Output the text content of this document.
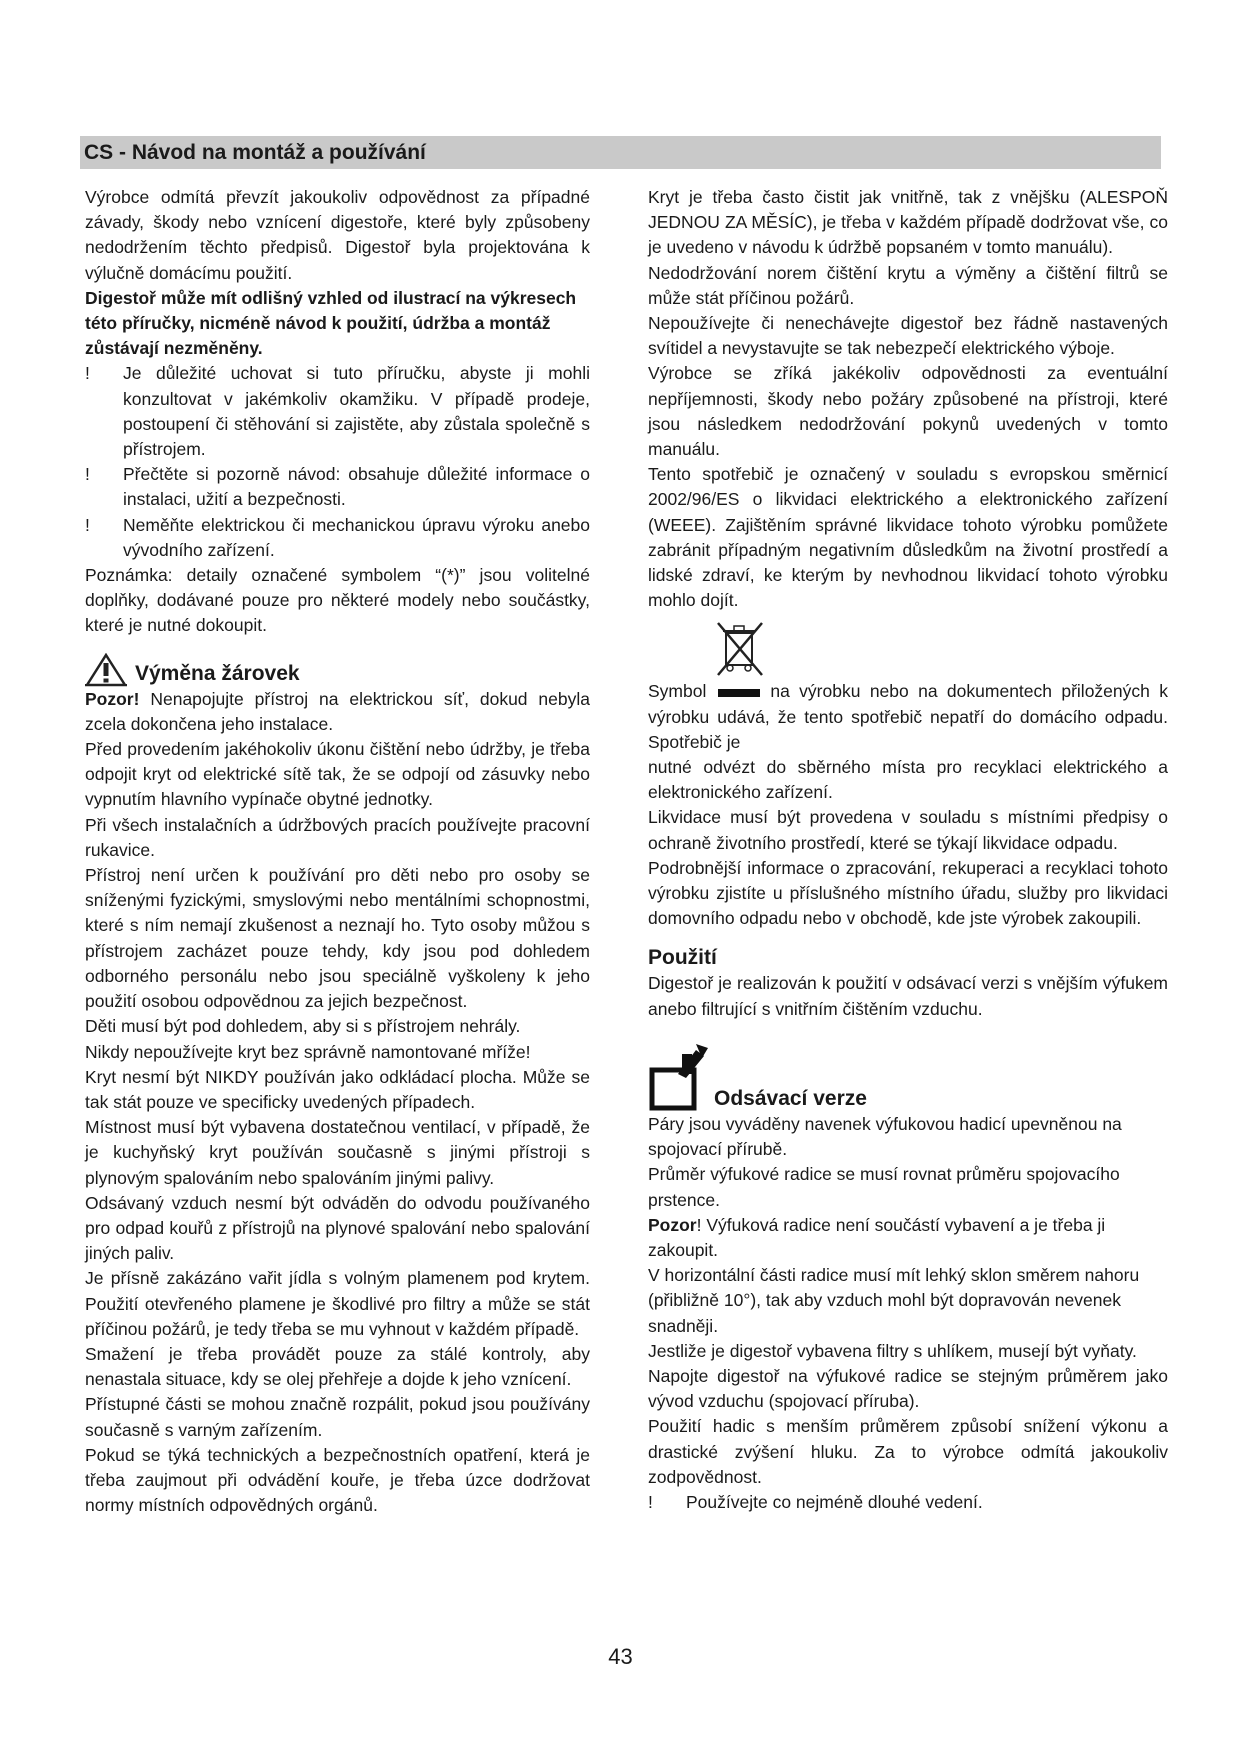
CS - Návod na montáž a používání

Výrobce odmítá převzít jakoukoliv odpovědnost za případné závady, škody nebo vznícení digestoře, které byly způsobeny nedodržením těchto předpisů. Digestoř byla projektována k výlučně domácímu použití.

Digestoř může mít odlišný vzhled od ilustrací na výkresech této příručky, nicméně návod k použití, údržba a montáž zůstávají nezměněny.

!	Je důležité uchovat si tuto příručku, abyste ji mohli konzultovat v jakémkoliv okamžiku. V případě prodeje, postoupení či stěhování si zajistěte, aby zůstala společně s přístrojem.
!	Přečtěte si pozorně návod: obsahuje důležité informace o instalaci, užití a bezpečnosti.
!	Neměňte elektrickou či mechanickou úpravu výroku anebo vývodního zařízení.

Poznámka: detaily označené symbolem “(*)” jsou volitelné doplňky, dodávané pouze pro některé modely nebo součástky, které je nutné dokoupit.

Výměna žárovek

Pozor! Nenapojujte přístroj na elektrickou síť, dokud nebyla zcela dokončena jeho instalace.

Před provedením jakéhokoliv úkonu čištění nebo údržby, je třeba odpojit kryt od elektrické sítě tak, že se odpojí od zásuvky nebo vypnutím hlavního vypínače obytné jednotky.

Při všech instalačních a údržbových pracích používejte pracovní rukavice.

Přístroj není určen k používání pro děti nebo pro osoby se sníženými fyzickými, smyslovými nebo mentálními schopnostmi, které s ním nemají zkušenost a neznají ho. Tyto osoby můžou s přístrojem zacházet pouze tehdy, kdy jsou pod dohledem odborného personálu nebo jsou speciálně vyškoleny k jeho použití osobou odpovědnou za jejich bezpečnost.

Děti musí být pod dohledem, aby si s přístrojem nehrály.

Nikdy nepoužívejte kryt bez správně namontované mříže!

Kryt nesmí být NIKDY používán jako odkládací plocha. Může se tak stát pouze ve specificky uvedených případech.

Místnost musí být vybavena dostatečnou ventilací, v případě, že je kuchyňský kryt používán současně s jinými přístroji s plynovým spalováním nebo spalováním jinými palivy.

Odsávaný vzduch nesmí být odváděn do odvodu používaného pro odpad kouřů z přístrojů na plynové spalování nebo spalování jiných paliv.

Je přísně zakázáno vařit jídla s volným plamenem pod krytem. Použití otevřeného plamene je škodlivé pro filtry a může se stát příčinou požárů, je tedy třeba se mu vyhnout v každém případě.

Smažení je třeba provádět pouze za stálé kontroly, aby nenastala situace, kdy se olej přehřeje a dojde k jeho vznícení.

Přístupné části se mohou značně rozpálit, pokud jsou používány současně s varným zařízením.

Pokud se týká technických a bezpečnostních opatření, která je třeba zaujmout při odvádění kouře, je třeba úzce dodržovat normy místních odpovědných orgánů.

Kryt je třeba často čistit jak vnitřně, tak z vnějšku (ALESPOŇ JEDNOU ZA MĚSÍC), je třeba v každém případě dodržovat vše, co je uvedeno v návodu k údržbě popsaném v tomto manuálu).

Nedodržování norem čištění krytu a výměny a čištění filtrů se může stát příčinou požárů.

Nepoužívejte či nenechávejte digestoř bez řádně nastavených svítidel a nevystavujte se tak nebezpečí elektrického výboje.

Výrobce se zříká jakékoliv odpovědnosti za eventuální nepříjemnosti, škody nebo požáry způsobené na přístroji, které jsou následkem nedodržování pokynů uvedených v tomto manuálu.

Tento spotřebič je označený v souladu s evropskou směrnicí 2002/96/ES o likvidaci elektrického a elektronického zařízení (WEEE). Zajištěním správné likvidace tohoto výrobku pomůžete zabránit případným negativním důsledkům na životní prostředí a lidské zdraví, ke kterým by nevhodnou likvidací tohoto výrobku mohlo dojít.

Symbol	na výrobku nebo na dokumentech přiložených k výrobku udává, že tento spotřebič nepatří do domácího odpadu. Spotřebič je

nutné odvézt do sběrného místa pro recyklaci elektrického a elektronického zařízení.

Likvidace musí být provedena v souladu s místními předpisy o ochraně životního prostředí, které se týkají likvidace odpadu.

Podrobnější informace o zpracování, rekuperaci a recyklaci tohoto výrobku zjistíte u příslušného místního úřadu, služby pro likvidaci domovního odpadu nebo v obchodě, kde jste výrobek zakoupili.

Použití

Digestoř je realizován k použití v odsávací verzi s vnějším výfukem anebo filtrující s vnitřním čištěním vzduchu.

Odsávací verze

Páry jsou vyváděny navenek výfukovou hadicí upevněnou na spojovací přírubě.

Průměr výfukové radice se musí rovnat průměru spojovacího prstence.

Pozor! Výfuková radice není součástí vybavení a je třeba ji zakoupit.

V horizontální části radice musí mít lehký sklon směrem nahoru (přibližně 10°), tak aby vzduch mohl být dopravován nevenek snadněji.

Jestliže je digestoř vybavena filtry s uhlíkem, musejí být vyňaty.

Napojte digestoř na výfukové radice se stejným průměrem jako vývod vzduchu (spojovací příruba).

Použití hadic s menším průměrem způsobí snížení výkonu a drastické zvýšení hluku. Za to výrobce odmítá jakoukoliv zodpovědnost.

!	Používejte co nejméně dlouhé vedení.
43
